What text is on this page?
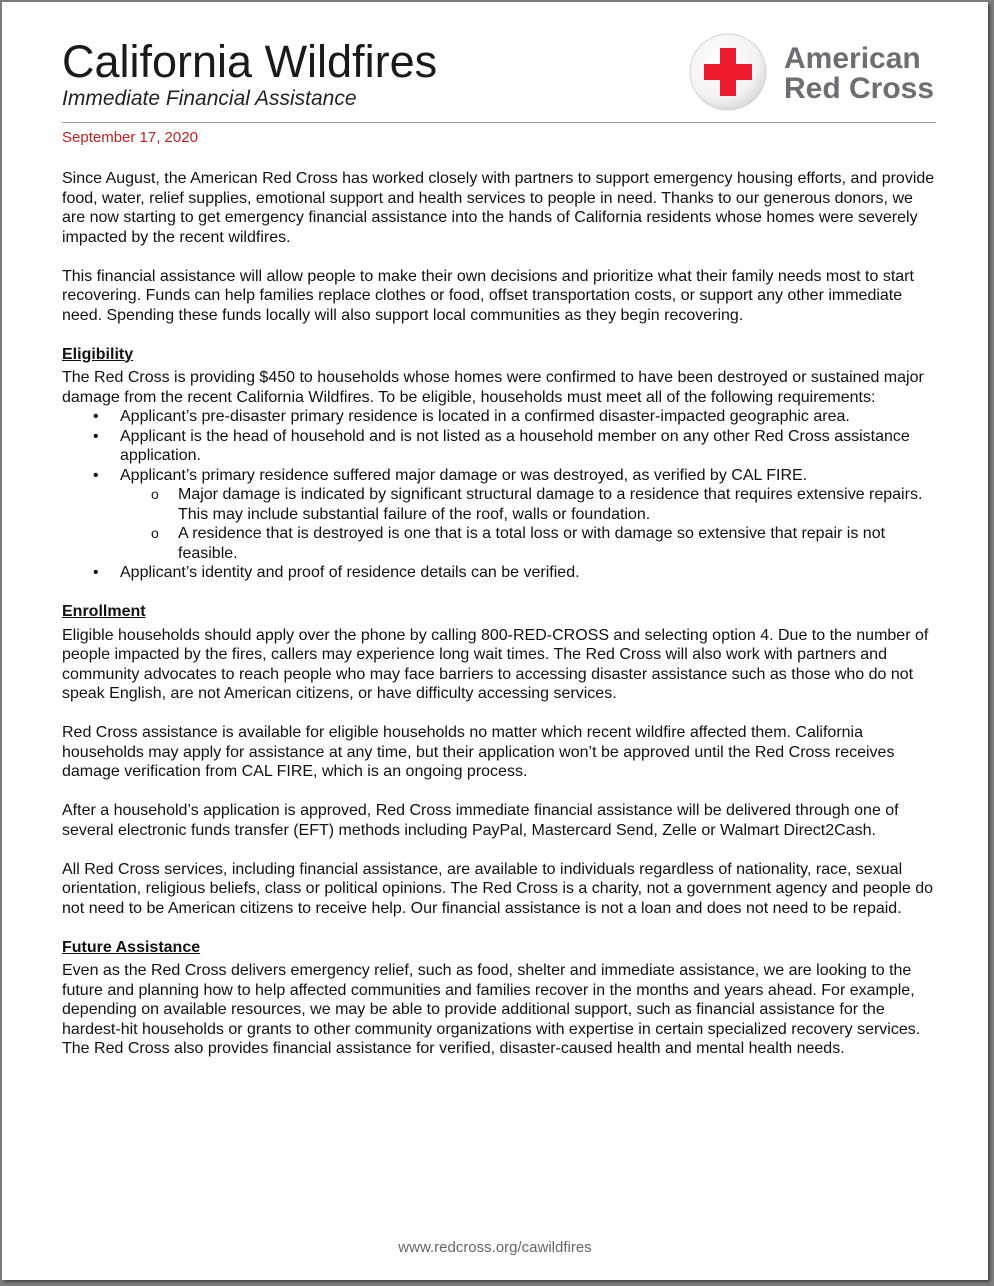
California Wildfires
Immediate Financial Assistance
American
Red Cross
September 17, 2020

Since August, the American Red Cross has worked closely with partners to support emergency housing efforts, and provide food, water, relief supplies, emotional support and health services to people in need. Thanks to our generous donors, we are now starting to get emergency financial assistance into the hands of California residents whose homes were severely impacted by the recent wildfires.

This financial assistance will allow people to make their own decisions and prioritize what their family needs most to start recovering. Funds can help families replace clothes or food, offset transportation costs, or support any other immediate need. Spending these funds locally will also support local communities as they begin recovering.

Eligibility
The Red Cross is providing $450 to households whose homes were confirmed to have been destroyed or sustained major damage from the recent California Wildfires. To be eligible, households must meet all of the following requirements:
• Applicant’s pre-disaster primary residence is located in a confirmed disaster-impacted geographic area.
• Applicant is the head of household and is not listed as a household member on any other Red Cross assistance application.
• Applicant’s primary residence suffered major damage or was destroyed, as verified by CAL FIRE.
o Major damage is indicated by significant structural damage to a residence that requires extensive repairs. This may include substantial failure of the roof, walls or foundation.
o A residence that is destroyed is one that is a total loss or with damage so extensive that repair is not feasible.
• Applicant’s identity and proof of residence details can be verified.
Enrollment

Eligible households should apply over the phone by calling 800-RED-CROSS and selecting option 4. Due to the number of people impacted by the fires, callers may experience long wait times. The Red Cross will also work with partners and community advocates to reach people who may face barriers to accessing disaster assistance such as those who do not speak English, are not American citizens, or have difficulty accessing services.

Red Cross assistance is available for eligible households no matter which recent wildfire affected them. California households may apply for assistance at any time, but their application won’t be approved until the Red Cross receives damage verification from CAL FIRE, which is an ongoing process.

After a household’s application is approved, Red Cross immediate financial assistance will be delivered through one of several electronic funds transfer (EFT) methods including PayPal, Mastercard Send, Zelle or Walmart Direct2Cash.

All Red Cross services, including financial assistance, are available to individuals regardless of nationality, race, sexual orientation, religious beliefs, class or political opinions. The Red Cross is a charity, not a government agency and people do not need to be American citizens to receive help. Our financial assistance is not a loan and does not need to be repaid.

Future Assistance

Even as the Red Cross delivers emergency relief, such as food, shelter and immediate assistance, we are looking to the future and planning how to help affected communities and families recover in the months and years ahead. For example, depending on available resources, we may be able to provide additional support, such as financial assistance for the hardest-hit households or grants to other community organizations with expertise in certain specialized recovery services. The Red Cross also provides financial assistance for verified, disaster-caused health and mental health needs.

www.redcross.org/cawildfires
